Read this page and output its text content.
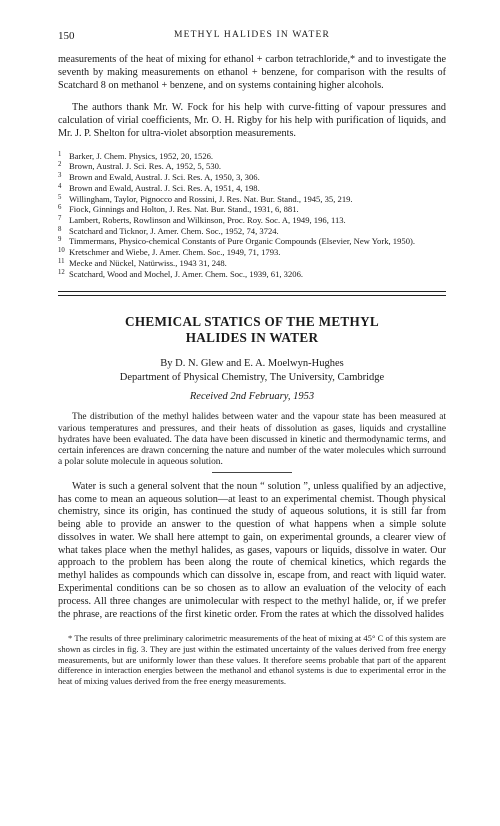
150	METHYL HALIDES IN WATER

measurements of the heat of mixing for ethanol + carbon tetrachloride,* and to investigate the seventh by making measurements on ethanol + benzene, for comparison with the results of Scatchard 8 on methanol + benzene, and on systems containing higher alcohols.

The authors thank Mr. W. Fock for his help with curve-fitting of vapour pressures and calculation of virial coefficients, Mr. O. H. Rigby for his help with purification of liquids, and Mr. J. P. Shelton for ultra-violet absorption measurements.

1 Barker, J. Chem. Physics, 1952, 20, 1526.
2 Brown, Austral. J. Sci. Res. A, 1952, 5, 530.
3 Brown and Ewald, Austral. J. Sci. Res. A, 1950, 3, 306.
4 Brown and Ewald, Austral. J. Sci. Res. A, 1951, 4, 198.
5 Willingham, Taylor, Pignocco and Rossini, J. Res. Nat. Bur. Stand., 1945, 35, 219.
6 Fiock, Ginnings and Holton, J. Res. Nat. Bur. Stand., 1931, 6, 881.
7 Lambert, Roberts, Rowlinson and Wilkinson, Proc. Roy. Soc. A, 1949, 196, 113.
8 Scatchard and Ticknor, J. Amer. Chem. Soc., 1952, 74, 3724.
9 Timmermans, Physico-chemical Constants of Pure Organic Compounds (Elsevier, New York, 1950).
10 Kretschmer and Wiebe, J. Amer. Chem. Soc., 1949, 71, 1793.
11 Mecke and Nückel, Natürwiss., 1943 31, 248.
12 Scatchard, Wood and Mochel, J. Amer. Chem. Soc., 1939, 61, 3206.
CHEMICAL STATICS OF THE METHYL HALIDES IN WATER
By D. N. Glew and E. A. Moelwyn-Hughes
Department of Physical Chemistry, The University, Cambridge
Received 2nd February, 1953

The distribution of the methyl halides between water and the vapour state has been measured at various temperatures and pressures, and their heats of dissolution as gases, liquids and crystalline hydrates have been evaluated. The data have been discussed in kinetic and thermodynamic terms, and certain inferences are drawn concerning the nature and number of the water molecules which surround a polar solute molecule in aqueous solution.

Water is such a general solvent that the noun “ solution ”, unless qualified by an adjective, has come to mean an aqueous solution—at least to an experimental chemist. Though physical chemistry, since its origin, has continued the study of aqueous solutions, it is still far from being able to provide an answer to the question of what happens when a simple solute dissolves in water. We shall here attempt to gain, on experimental grounds, a clearer view of what takes place when the methyl halides, as gases, vapours or liquids, dissolve in water. Our approach to the problem has been along the route of chemical kinetics, which regards the methyl halides as compounds which can dissolve in, escape from, and react with liquid water. Experimental conditions can be so chosen as to allow an evaluation of the velocity of each process. All three changes are unimolecular with respect to the methyl halide, or, if we prefer the phrase, are reactions of the first kinetic order. From the rates at which the dissolved halides

* The results of three preliminary calorimetric measurements of the heat of mixing at 45° C of this system are shown as circles in fig. 3. They are just within the estimated uncertainty of the values derived from free energy measurements, but are uniformly lower than these values. It therefore seems probable that part of the apparent difference in interaction energies between the methanol and ethanol systems is due to experimental error in the heat of mixing values derived from the free energy measurements.
